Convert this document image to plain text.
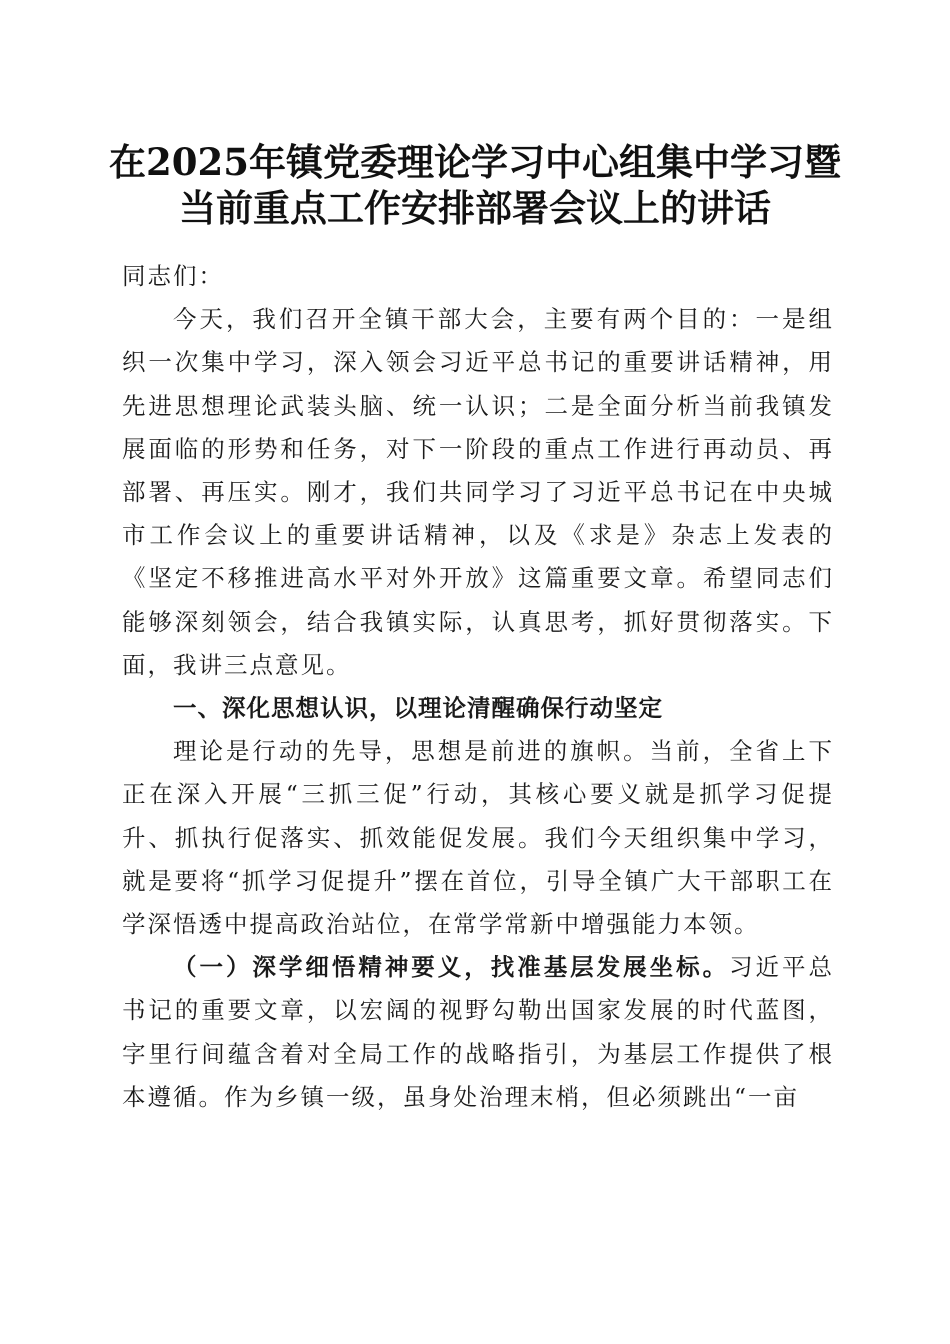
在2025年镇党委理论学习中心组集中学习暨
当前重点工作安排部署会议上的讲话

同志们：

今天，我们召开全镇干部大会，主要有两个目的：一是组织一次集中学习，深入领会习近平总书记的重要讲话精神，用先进思想理论武装头脑、统一认识；二是全面分析当前我镇发展面临的形势和任务，对下一阶段的重点工作进行再动员、再部署、再压实。刚才，我们共同学习了习近平总书记在中央城市工作会议上的重要讲话精神，以及《求是》杂志上发表的《坚定不移推进高水平对外开放》这篇重要文章。希望同志们能够深刻领会，结合我镇实际，认真思考，抓好贯彻落实。下面，我讲三点意见。

一、深化思想认识，以理论清醒确保行动坚定

理论是行动的先导，思想是前进的旗帜。当前，全省上下正在深入开展“三抓三促”行动，其核心要义就是抓学习促提升、抓执行促落实、抓效能促发展。我们今天组织集中学习，就是要将“抓学习促提升”摆在首位，引导全镇广大干部职工在学深悟透中提高政治站位，在常学常新中增强能力本领。

（一）深学细悟精神要义，找准基层发展坐标。习近平总书记的重要文章，以宏阔的视野勾勒出国家发展的时代蓝图，字里行间蕴含着对全局工作的战略指引，为基层工作提供了根本遵循。作为乡镇一级，虽身处治理末梢，但必须跳出“一亩
